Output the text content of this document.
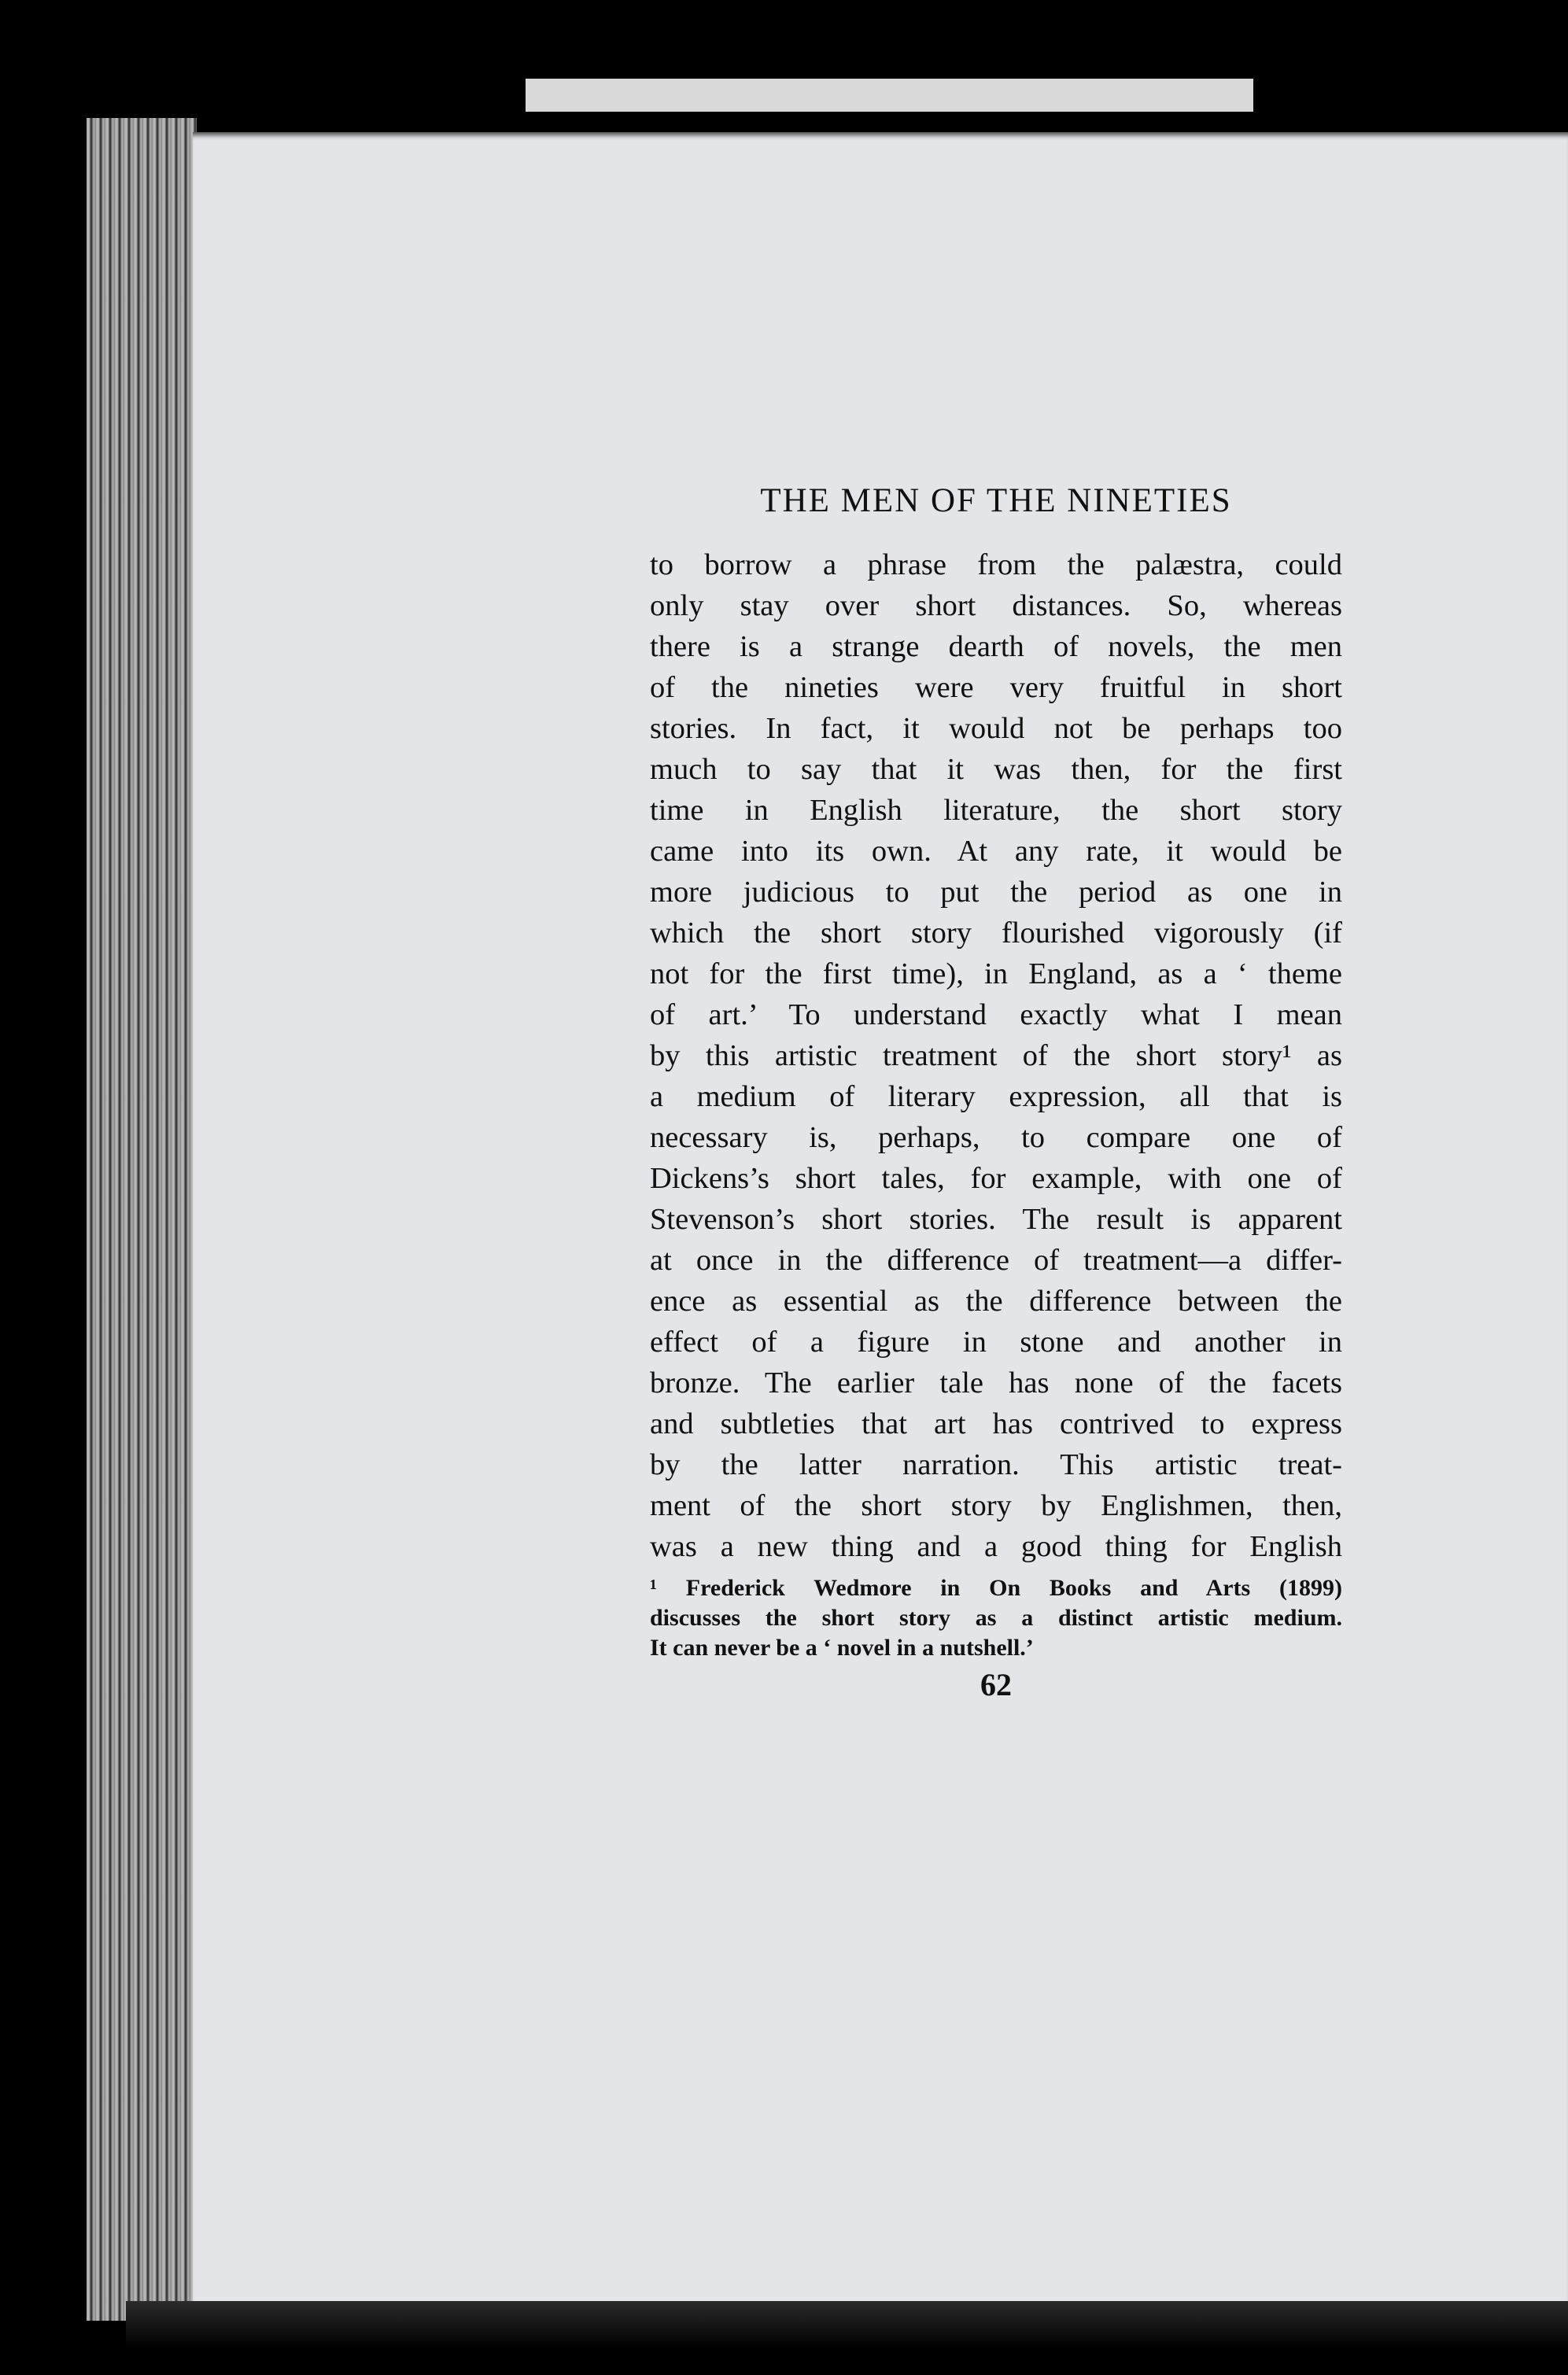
THE MEN OF THE NINETIES
to borrow a phrase from the palæstra, could
only stay over short distances. So, whereas
there is a strange dearth of novels, the men
of the nineties were very fruitful in short
stories. In fact, it would not be perhaps too
much to say that it was then, for the first
time in English literature, the short story
came into its own. At any rate, it would be
more judicious to put the period as one in
which the short story flourished vigorously (if
not for the first time), in England, as a ‘ theme
of art.’ To understand exactly what I mean
by this artistic treatment of the short story¹ as
a medium of literary expression, all that is
necessary is, perhaps, to compare one of
Dickens’s short tales, for example, with one of
Stevenson’s short stories. The result is apparent
at once in the difference of treatment—a differ-
ence as essential as the difference between the
effect of a figure in stone and another in
bronze. The earlier tale has none of the facets
and subtleties that art has contrived to express
by the latter narration. This artistic treat-
ment of the short story by Englishmen, then,
was a new thing and a good thing for English
¹ Frederick Wedmore in On Books and Arts (1899)
discusses the short story as a distinct artistic medium.
It can never be a ‘ novel in a nutshell.’
62
